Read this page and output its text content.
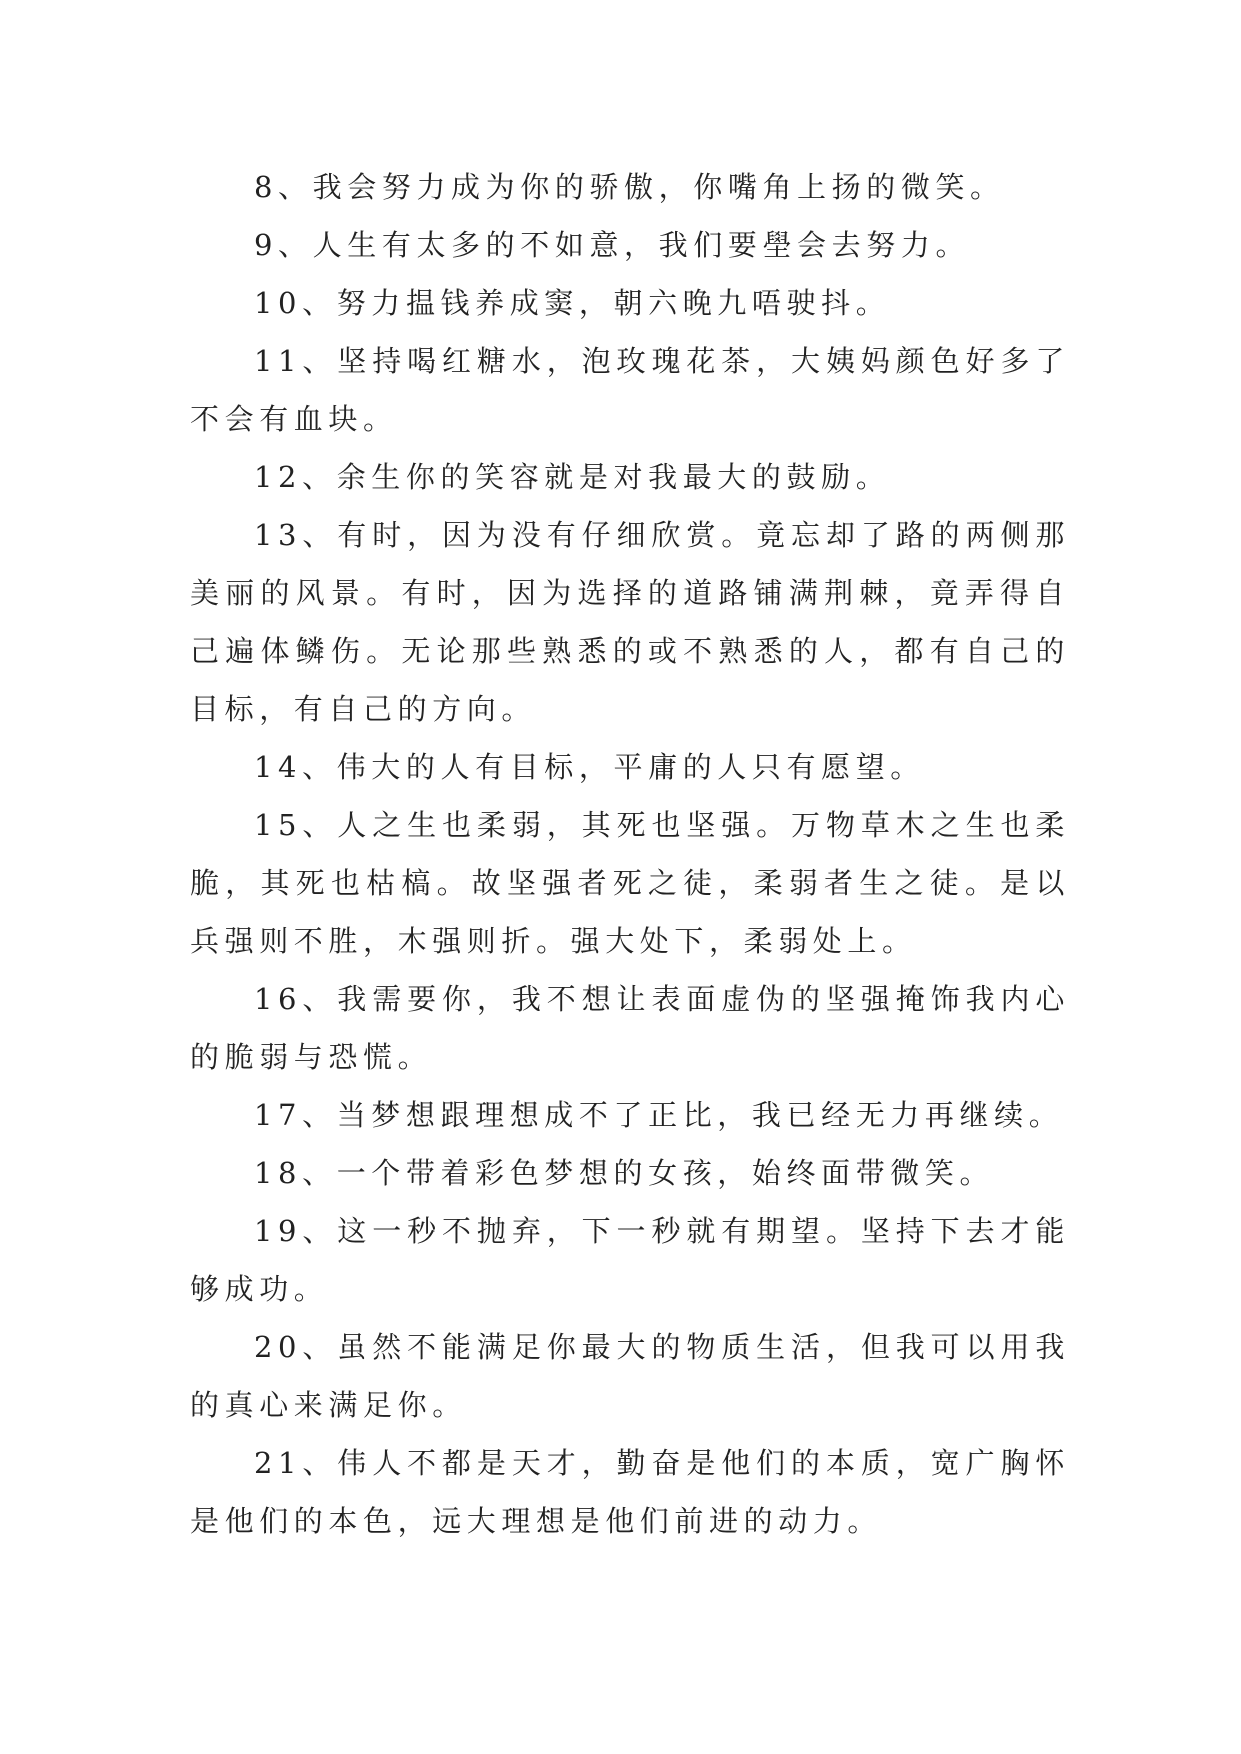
8、我会努力成为你的骄傲，你嘴角上扬的微笑。

9、人生有太多的不如意，我们要壆会去努力。

10、努力揾钱养成窦，朝六晚九唔驶抖。

11、坚持喝红糖水，泡玫瑰花茶，大姨妈颜色好多了不会有血块。

12、余生你的笑容就是对我最大的鼓励。

13、有时，因为没有仔细欣赏。竟忘却了路的两侧那美丽的风景。有时，因为选择的道路铺满荆棘，竟弄得自己遍体鳞伤。无论那些熟悉的或不熟悉的人，都有自己的目标，有自己的方向。

14、伟大的人有目标，平庸的人只有愿望。

15、人之生也柔弱，其死也坚强。万物草木之生也柔脆，其死也枯槁。故坚强者死之徒，柔弱者生之徒。是以兵强则不胜，木强则折。强大处下，柔弱处上。

16、我需要你，我不想让表面虚伪的坚强掩饰我内心的脆弱与恐慌。

17、当梦想跟理想成不了正比，我已经无力再继续。

18、一个带着彩色梦想的女孩，始终面带微笑。

19、这一秒不抛弃，下一秒就有期望。坚持下去才能够成功。

20、虽然不能满足你最大的物质生活，但我可以用我的真心来满足你。

21、伟人不都是天才，勤奋是他们的本质，宽广胸怀是他们的本色，远大理想是他们前进的动力。
